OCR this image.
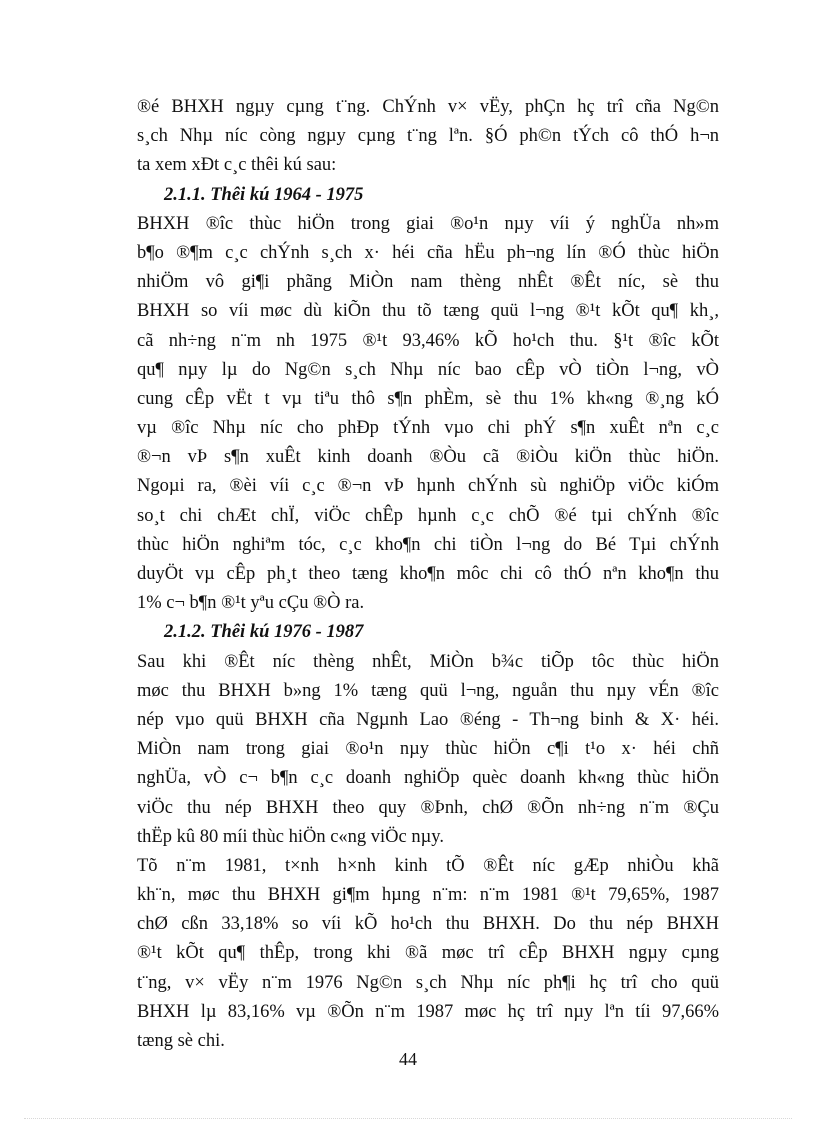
®é BHXH ngµy cµng t¨ng. ChÝnh v× vËy, phÇn hç trî cña Ng©n
s¸ch Nhµ níc còng ngµy cµng t¨ng lªn. §Ó ph©n tÝch cô thÓ h¬n
ta xem xÐt c¸c thêi kú sau:
2.1.1. Thêi kú 1964 - 1975
BHXH ®îc thùc hiÖn trong giai ®o¹n nµy víi ý nghÜa nh»m
b¶o ®¶m c¸c chÝnh s¸ch x· héi cña hËu ph¬ng lín ®Ó thùc hiÖn
nhiÖm vô gi¶i phãng MiÒn nam thèng nhÊt ®Êt níc, sè thu
BHXH so víi møc dù kiÕn thu tõ tæng quü l¬ng ®¹t kÕt qu¶ kh¸,
cã nh÷ng n¨m nh 1975 ®¹t 93,46% kÕ ho¹ch thu. §¹t ®îc kÕt
qu¶ nµy lµ do Ng©n s¸ch Nhµ níc bao cÊp vÒ tiÒn l¬ng, vÒ
cung cÊp vËt t vµ tiªu thô s¶n phÈm, sè thu 1% kh«ng ®¸ng kÓ
vµ ®îc Nhµ níc cho phÐp tÝnh vµo chi phÝ s¶n xuÊt nªn c¸c
®¬n vÞ s¶n xuÊt kinh doanh ®Òu cã ®iÒu kiÖn thùc hiÖn.
Ngoµi ra, ®èi víi c¸c ®¬n vÞ hµnh chÝnh sù nghiÖp viÖc kiÓm
so¸t chi chÆt chÏ, viÖc chÊp hµnh c¸c chÕ ®é tµi chÝnh ®îc
thùc hiÖn nghiªm tóc, c¸c kho¶n chi tiÒn l¬ng do Bé Tµi chÝnh
duyÖt vµ cÊp ph¸t theo tæng kho¶n môc chi cô thÓ nªn kho¶n thu
1% c¬ b¶n ®¹t yªu cÇu ®Ò ra.
2.1.2. Thêi kú 1976 - 1987
Sau khi ®Êt níc thèng nhÊt, MiÒn b¾c tiÕp tôc thùc hiÖn
møc thu BHXH b»ng 1% tæng quü l¬ng, nguån thu nµy vÉn ®îc
nép vµo quü BHXH cña Ngµnh Lao ®éng - Th¬ng binh & X· héi.
MiÒn nam trong giai ®o¹n nµy thùc hiÖn c¶i t¹o x· héi chñ
nghÜa, vÒ c¬ b¶n c¸c doanh nghiÖp quèc doanh kh«ng thùc hiÖn
viÖc thu nép BHXH theo quy ®Þnh, chØ ®Õn nh÷ng n¨m ®Çu
thËp kû 80 míi thùc hiÖn c«ng viÖc nµy.
Tõ n¨m 1981, t×nh h×nh kinh tÕ ®Êt níc gÆp nhiÒu khã
kh¨n, møc thu BHXH gi¶m hµng n¨m: n¨m 1981 ®¹t 79,65%, 1987
chØ cßn 33,18% so víi kÕ ho¹ch thu BHXH. Do thu nép BHXH
®¹t kÕt qu¶ thÊp, trong khi ®ã møc trî cÊp BHXH ngµy cµng
t¨ng, v× vËy n¨m 1976 Ng©n s¸ch Nhµ níc ph¶i hç trî cho quü
BHXH lµ 83,16% vµ ®Õn n¨m 1987 møc hç trî nµy lªn tíi 97,66%
tæng sè chi.
44
